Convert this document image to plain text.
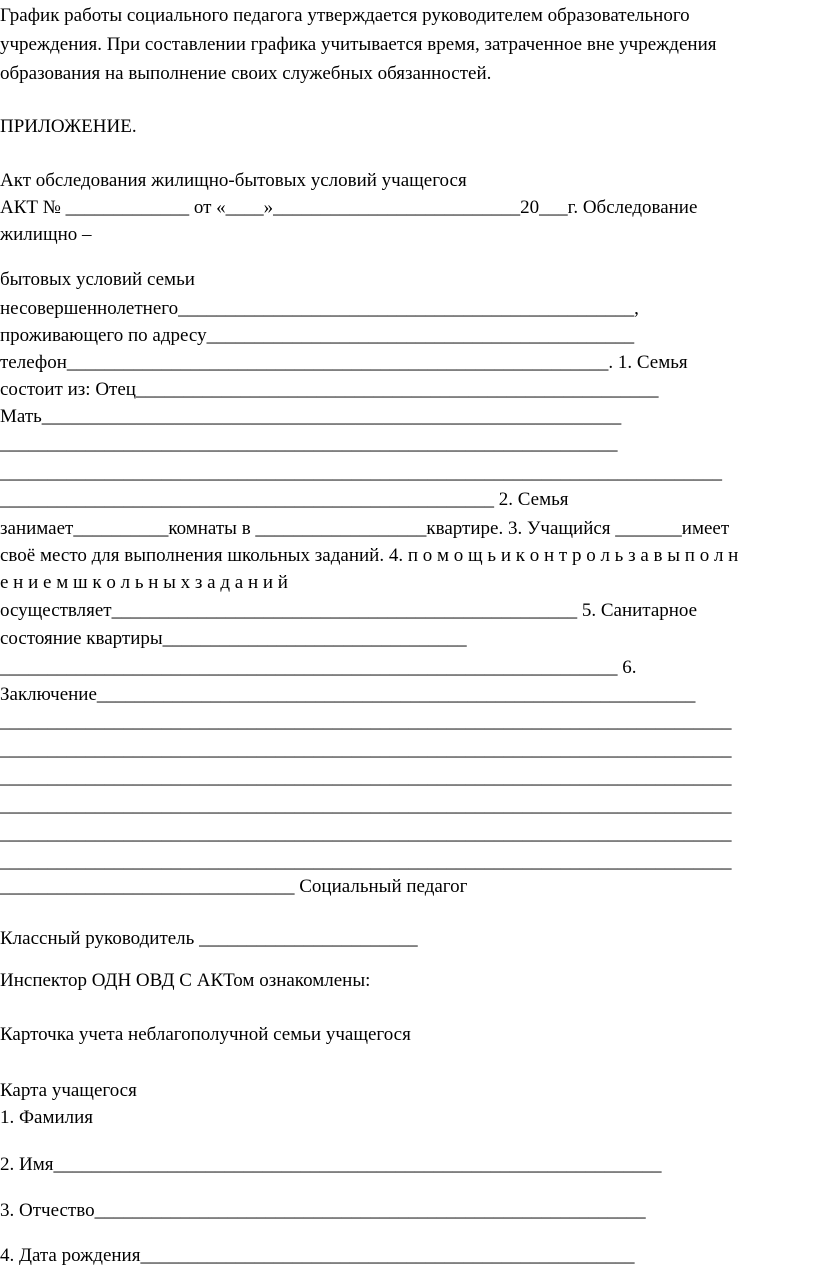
График работы социального педагога утверждается руководителем образовательного
учреждения. При составлении графика учитывается время, затраченное вне учреждения
образования на выполнение своих служебных обязанностей.
ПРИЛОЖЕНИЕ.
Акт обследования жилищно-бытовых условий учащегося
АКТ № _____________ от «____»__________________________20___г. Обследование
жилищно –
бытовых условий семьи
несовершеннолетнего________________________________________________,
проживающего по адресу_____________________________________________
телефон_________________________________________________________. 1. Семья
состоит из: Отец_______________________________________________________
Мать_____________________________________________________________
_________________________________________________________________
____________________________________________________________________________
____________________________________________________ 2. Семья
занимает__________комнаты в __________________квартире. 3. Учащийся _______имеет
своё место для выполнения школьных заданий. 4. п о м о щ ь и к о н т р о л ь з а в ы п о л н
е н и е м ш к о л ь н ы х з а д а н и й
осуществляет_________________________________________________ 5. Санитарное
состояние квартиры________________________________
_________________________________________________________________ 6.
Заключение_______________________________________________________________
_____________________________________________________________________________
_____________________________________________________________________________
_____________________________________________________________________________
_____________________________________________________________________________
_____________________________________________________________________________
_____________________________________________________________________________
_______________________________ Социальный педагог
Классный руководитель _______________________
Инспектор ОДН ОВД С АКТом ознакомлены:
Карточка учета неблагополучной семьи учащегося
Карта учащегося
1. Фамилия
2. Имя________________________________________________________________
3. Отчество__________________________________________________________
4. Дата рождения____________________________________________________
